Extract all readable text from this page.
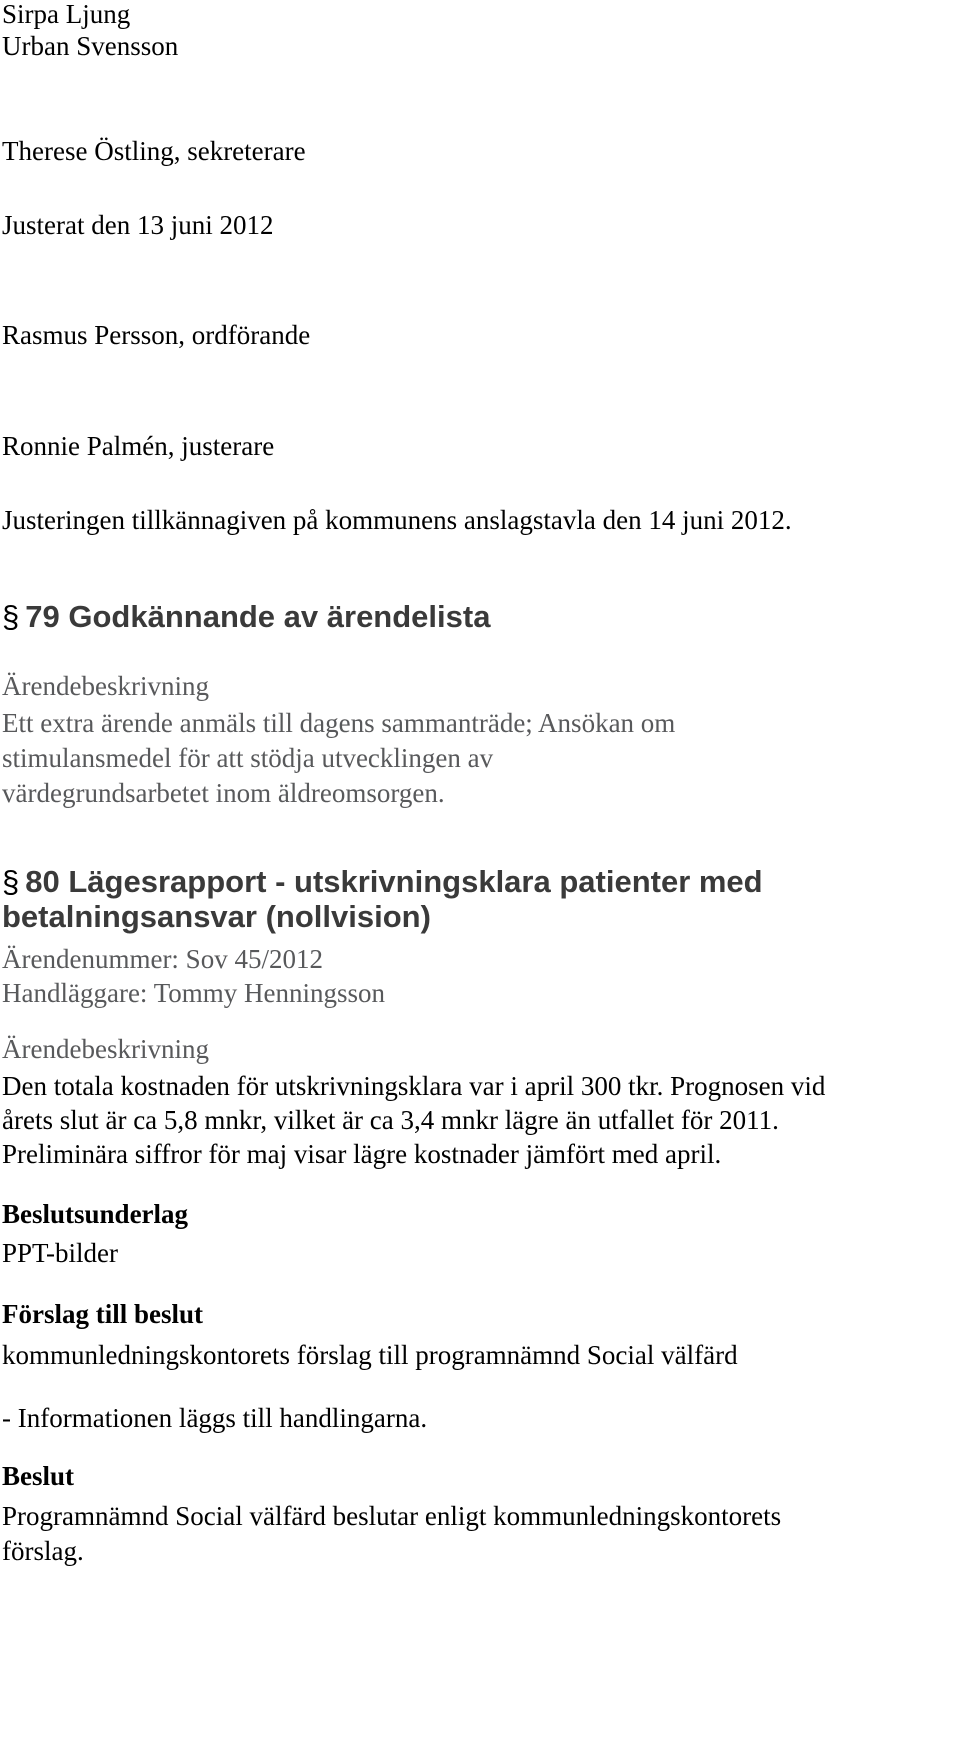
Sirpa Ljung
Urban Svensson
Therese Östling, sekreterare
Justerat den 13 juni 2012
Rasmus Persson, ordförande
Ronnie Palmén, justerare
Justeringen tillkännagiven på kommunens anslagstavla den 14 juni 2012.
§ 79 Godkännande av ärendelista
Ärendebeskrivning
Ett extra ärende anmäls till dagens sammanträde; Ansökan om
stimulansmedel för att stödja utvecklingen av
värdegrundsarbetet inom äldreomsorgen.
§ 80 Lägesrapport - utskrivningsklara patienter med
betalningsansvar (nollvision)
Ärendenummer: Sov 45/2012
Handläggare: Tommy Henningsson
Ärendebeskrivning
Den totala kostnaden för utskrivningsklara var i april 300 tkr. Prognosen vid
årets slut är ca 5,8 mnkr, vilket är ca 3,4 mnkr lägre än utfallet för 2011.
Preliminära siffror för maj visar lägre kostnader jämfört med april.
Beslutsunderlag
PPT-bilder
Förslag till beslut
kommunledningskontorets förslag till programnämnd Social välfärd
- Informationen läggs till handlingarna.
Beslut
Programnämnd Social välfärd beslutar enligt kommunledningskontorets
förslag.
